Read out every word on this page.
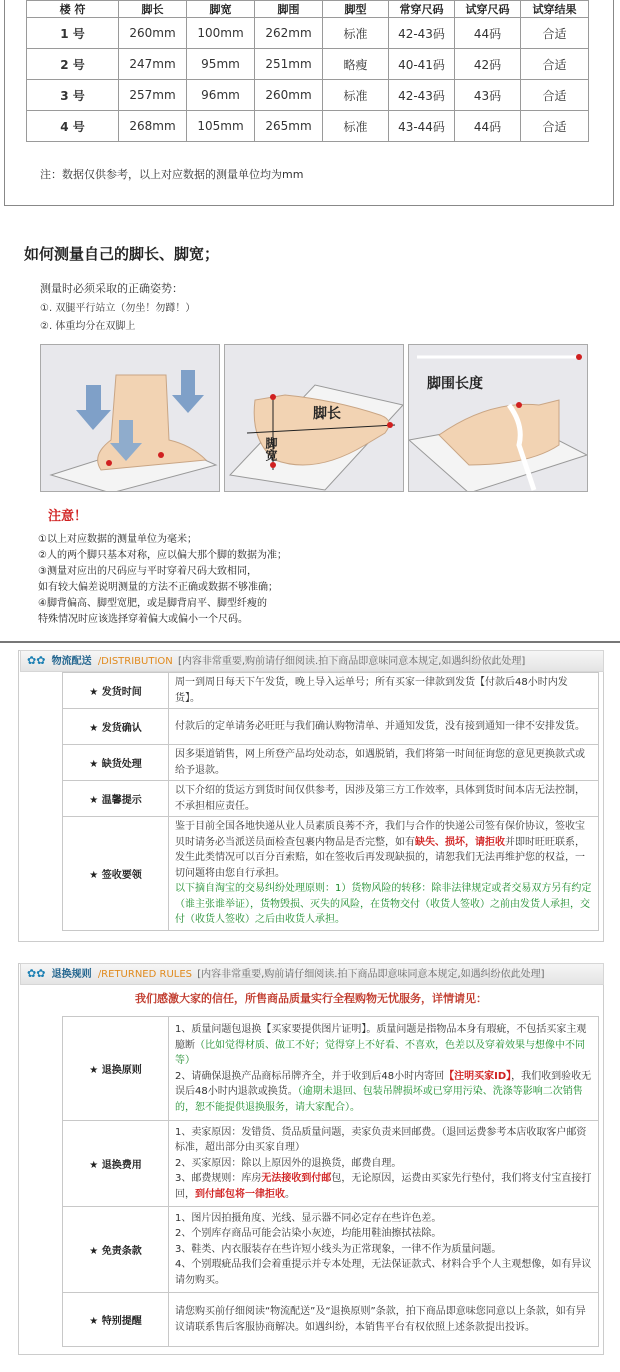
楼 符	脚长	脚宽	脚围	脚型	常穿尺码	试穿尺码	试穿结果
1 号	260mm	100mm	262mm	标准	42-43码	44码	合适
2 号	247mm	95mm	251mm	略瘦	40-41码	42码	合适
3 号	257mm	96mm	260mm	标准	42-43码	43码	合适
4 号	268mm	105mm	265mm	标准	43-44码	44码	合适
注：数据仅供参考，以上对应数据的测量单位均为mm
如何测量自己的脚长、脚宽；
测量时必须采取的正确姿势：
①. 双腿平行站立（勿坐！勿蹲！）
②. 体重均分在双脚上
脚长
脚宽
脚围长度
注意！
①以上对应数据的测量单位为毫米；
②人的两个脚只基本对称，应以偏大那个脚的数据为准；
③测量对应出的尺码应与平时穿着尺码大致相同，
如有较大偏差说明测量的方法不正确或数据不够准确；
④脚背偏高、脚型宽肥，或是脚背肩平、脚型纤瘦的
特殊情况时应该选择穿着偏大或偏小一个尺码。
✿✿ 物流配送 /DISTRIBUTION [内容非常重要,购前请仔细阅读.拍下商品即意味同意本规定,如遇纠纷依此处理]
★ 发货时间	周一到周日每天下午发货，晚上导入运单号；所有买家一律款到发货【付款后48小时内发货】。
★ 发货确认	付款后的定单请务必旺旺与我们确认购物清单、并通知发货，没有接到通知一律不安排发货。
★ 缺货处理	因多渠道销售，网上所登产品均处动态，如遇脱销，我们将第一时间征询您的意见更换款式或给予退款。
★ 温馨提示	以下介绍的货运方到货时间仅供参考，因涉及第三方工作效率，具体到货时间本店无法控制，不承担相应责任。
★ 签收要领	鉴于目前全国各地快递从业人员素质良莠不齐，我们与合作的快递公司签有保价协议，签收宝贝时请务必当派送员面检查包裹内物品是否完整，如有缺失、损坏，请拒收并即时旺旺联系，发生此类情况可以百分百索赔，如在签收后再发现缺损的，请恕我们无法再维护您的权益，一切问题将由您自行承担。
以下摘自淘宝的交易纠纷处理原则：1）货物风险的转移：除非法律规定或者交易双方另有约定（谁主张谁举证），货物毁损、灭失的风险，在货物交付（收货人签收）之前由发货人承担，交付（收货人签收）之后由收货人承担。
✿✿ 退换规则 /RETURNED RULES [内容非常重要,购前请仔细阅读.拍下商品即意味同意本规定,如遇纠纷依此处理]
我们感激大家的信任，所售商品质量实行全程购物无忧服务，详情请见：
★ 退换原则	1、质量问题包退换【买家要提供图片证明】。质量问题是指物品本身有瑕疵，不包括买家主观臆断（比如觉得材质、做工不好；觉得穿上不好看、不喜欢，色差以及穿着效果与想像中不同等）
2、请确保退换产品商标吊牌齐全，并于收到后48小时内寄回【注明买家ID】，我们收到验收无误后48小时内退款或换货。（逾期未退回、包装吊牌损坏或已穿用污染、洗涤等影响二次销售的，恕不能提供退换服务，请大家配合）。
★ 退换费用	1、卖家原因：发错货、货品质量问题，卖家负责来回邮费。（退回运费参考本店收取客户邮资标准，超出部分由买家自理）
2、买家原因：除以上原因外的退换货，邮费自理。
3、邮费规则：库房无法接收到付邮包，无论原因，运费由买家先行垫付，我们将支付宝直接打回，到付邮包将一律拒收。
★ 免责条款	1、图片因拍摄角度、光线、显示器不同必定存在些许色差。
2、个别库存商品可能会沾染小灰迹，均能用鞋油擦拭祛除。
3、鞋类、内衣服装存在些许短小线头为正常现象，一律不作为质量问题。
4、个别瑕疵品我们会着重提示并专本处理，无法保证款式、材料合乎个人主观想像，如有异议请勿购买。
★ 特别提醒	请您购买前仔细阅读“物流配送”及“退换原则”条款，拍下商品即意味您同意以上条款，如有异议请联系售后客服协商解决。如遇纠纷，本销售平台有权依照上述条款提出投诉。
